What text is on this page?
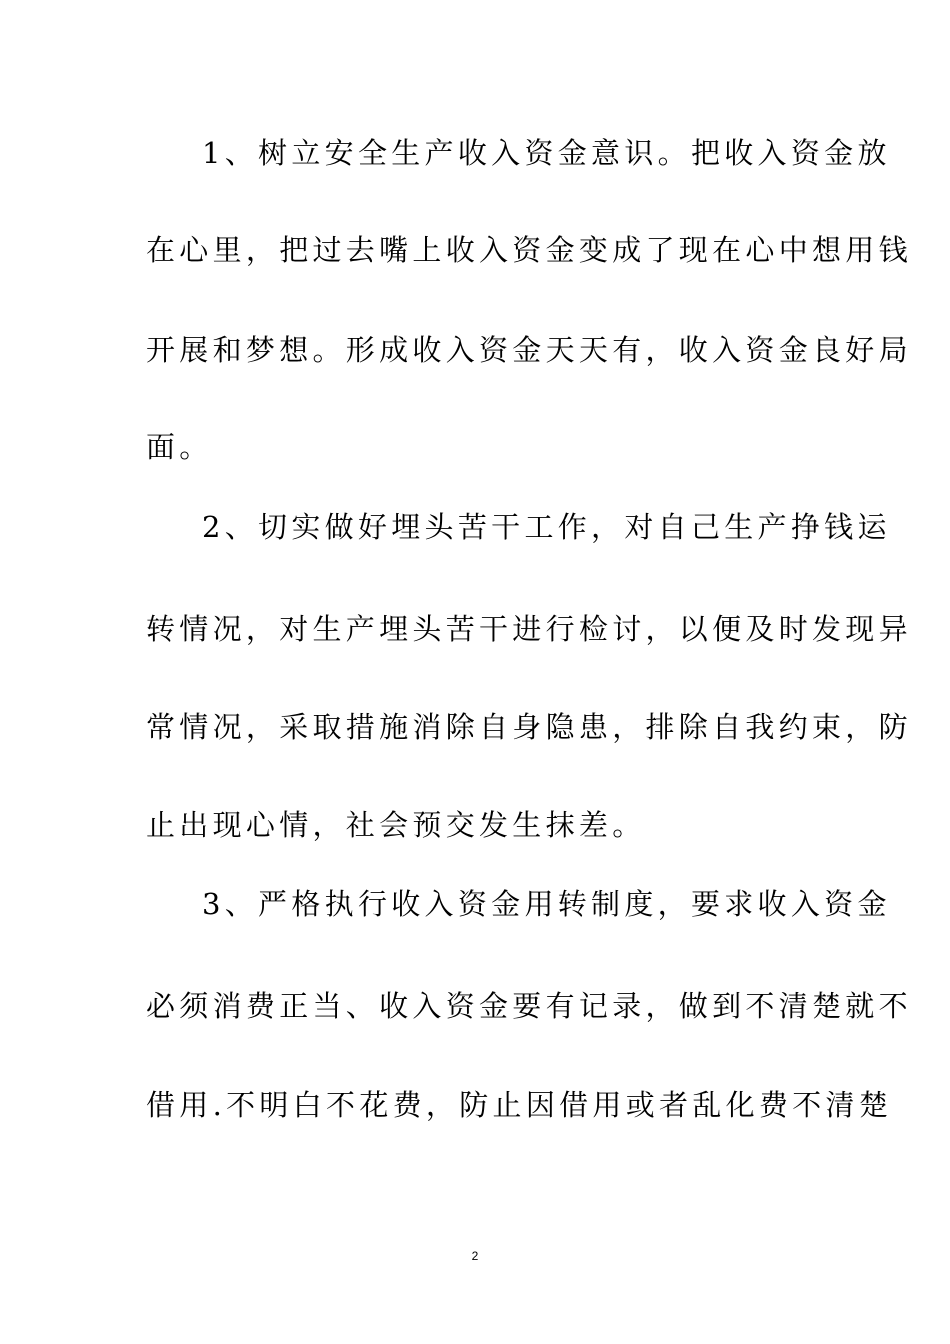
1、树立安全生产收入资金意识。把收入资金放
在心里，把过去嘴上收入资金变成了现在心中想用钱
开展和梦想。形成收入资金天天有，收入资金良好局
面。
2、切实做好埋头苦干工作，对自己生产挣钱运
转情况，对生产埋头苦干进行检讨，以便及时发现异
常情况，采取措施消除自身隐患，排除自我约束，防
止出现心情，社会预交发生抹差。
3、严格执行收入资金用转制度，要求收入资金
必须消费正当、收入资金要有记录，做到不清楚就不
借用.不明白不花费，防止因借用或者乱化费不清楚
2
